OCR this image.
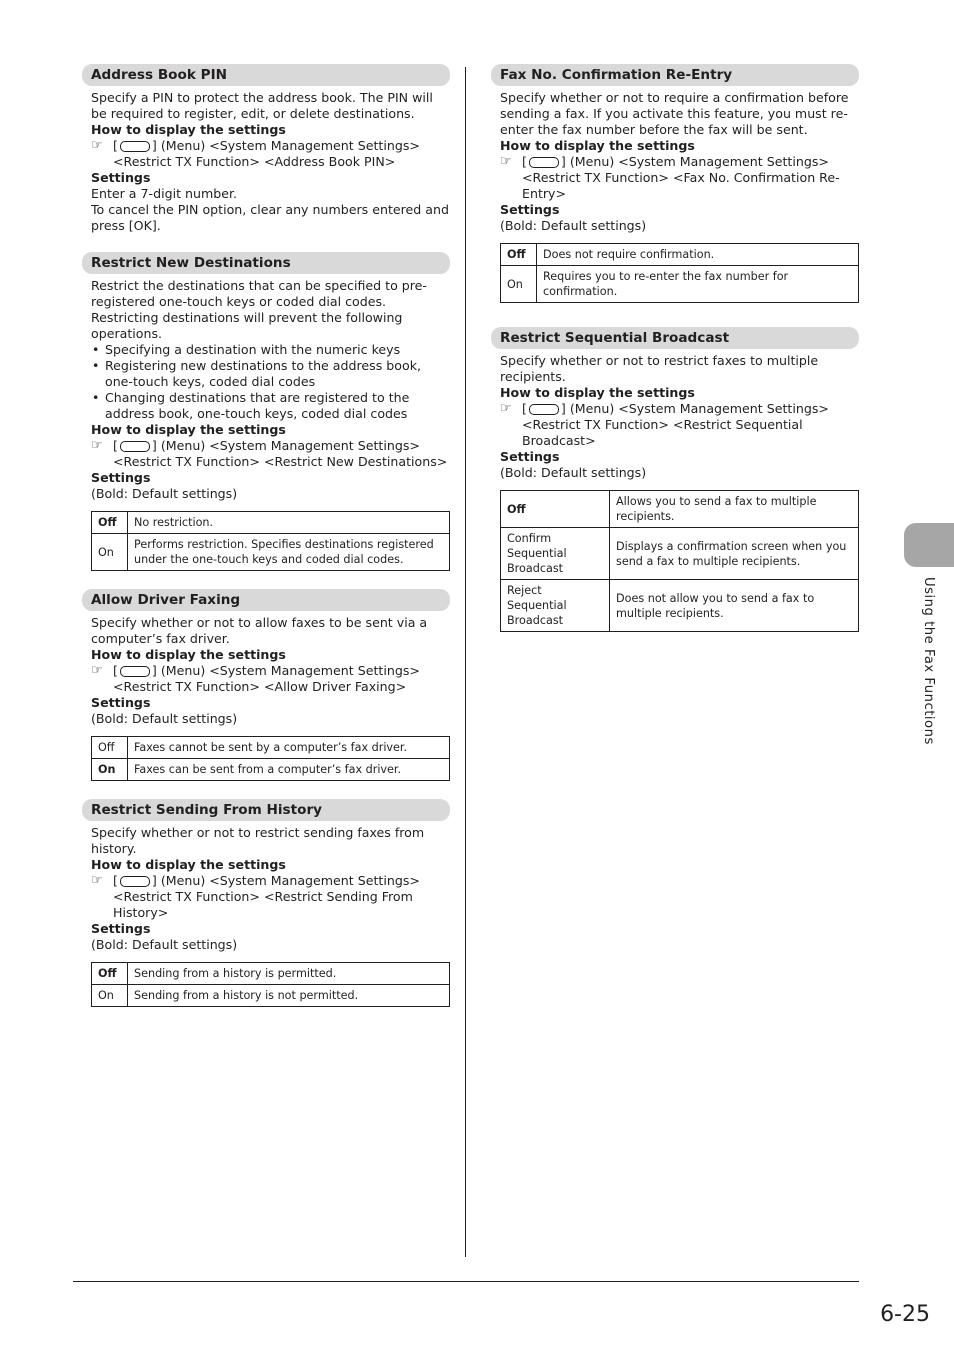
Address Book PIN

Specify a PIN to protect the address book. The PIN will be required to register, edit, or delete destinations.

How to display the settings

☞ [	] (Menu) <System Management Settings>
<Restrict TX Function> <Address Book PIN>

Settings

Enter a 7-digit number.

To cancel the PIN option, clear any numbers entered and press [OK].

Restrict New Destinations

Restrict the destinations that can be specified to pre-registered one-touch keys or coded dial codes.

Restricting destinations will prevent the following operations.

• Specifying a destination with the numeric keys
• Registering new destinations to the address book, one-touch keys, coded dial codes
• Changing destinations that are registered to the address book, one-touch keys, coded dial codes

How to display the settings

☞ [	] (Menu) <System Management Settings>
<Restrict TX Function> <Restrict New Destinations>

Settings

(Bold: Default settings)

Off	No restriction.
On	Performs restriction. Specifies destinations registered under the one-touch keys and coded dial codes.
Allow Driver Faxing

Specify whether or not to allow faxes to be sent via a computer’s fax driver.

How to display the settings

☞ [	] (Menu) <System Management Settings>
<Restrict TX Function> <Allow Driver Faxing>

Settings

(Bold: Default settings)

Off	Faxes cannot be sent by a computer’s fax driver.
On	Faxes can be sent from a computer’s fax driver.
Restrict Sending From History

Specify whether or not to restrict sending faxes from history.

How to display the settings

☞ [	] (Menu) <System Management Settings>
<Restrict TX Function> <Restrict Sending From History>

Settings

(Bold: Default settings)

Off	Sending from a history is permitted.
On	Sending from a history is not permitted.
Fax No. Confirmation Re-Entry

Specify whether or not to require a confirmation before sending a fax. If you activate this feature, you must re-enter the fax number before the fax will be sent.

How to display the settings

☞ [	] (Menu) <System Management Settings>
<Restrict TX Function> <Fax No. Confirmation Re-Entry>

Settings

(Bold: Default settings)

Off	Does not require confirmation.
On	Requires you to re-enter the fax number for confirmation.
Restrict Sequential Broadcast

Specify whether or not to restrict faxes to multiple recipients.

How to display the settings

☞ [	] (Menu) <System Management Settings>
<Restrict TX Function> <Restrict Sequential Broadcast>

Settings

(Bold: Default settings)

Off	Allows you to send a fax to multiple recipients.
Confirm Sequential Broadcast	Displays a confirmation screen when you send a fax to multiple recipients.
Reject Sequential Broadcast	Does not allow you to send a fax to multiple recipients.	Using the Fax Functions
6-25
